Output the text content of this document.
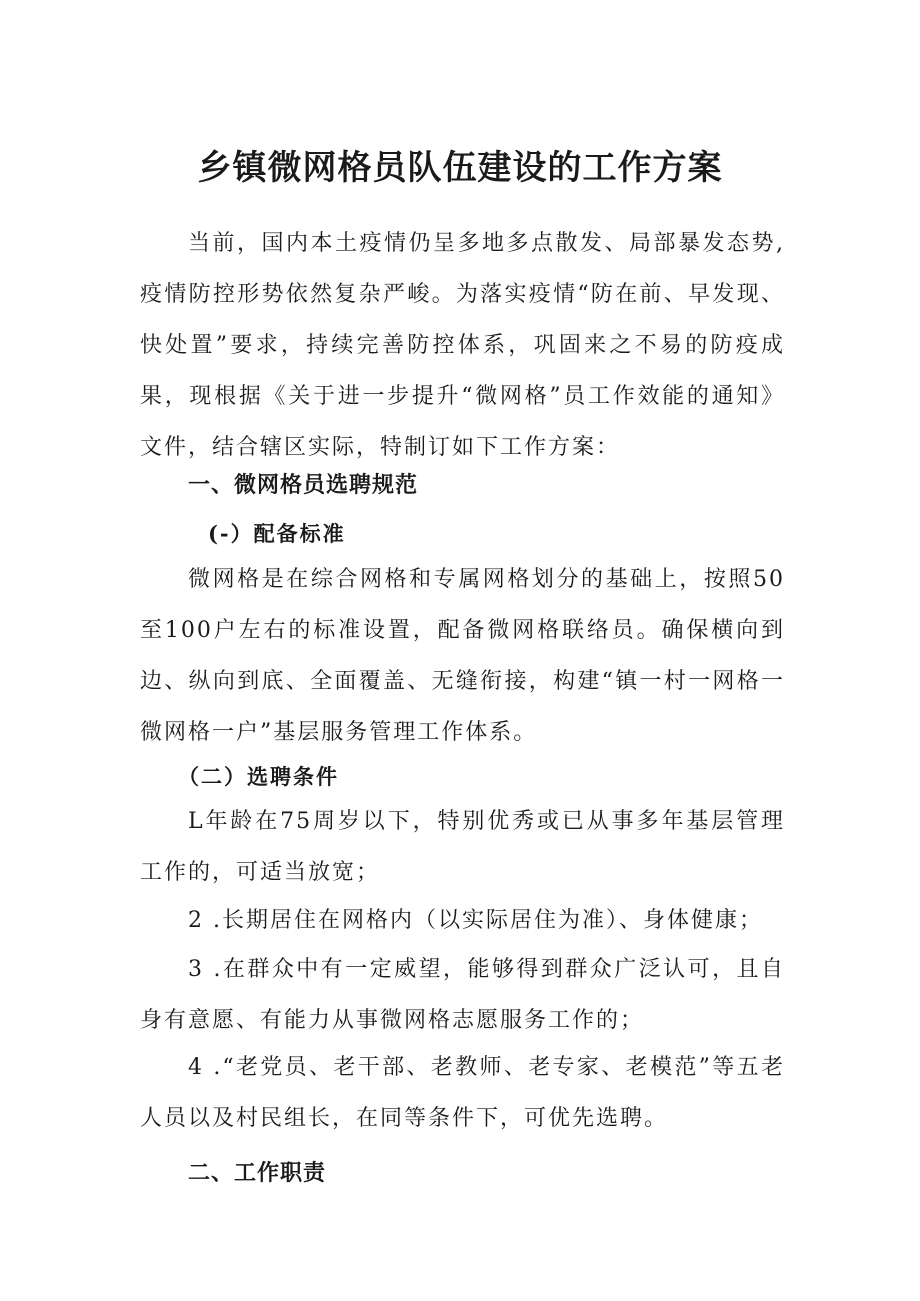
乡镇微网格员队伍建设的工作方案

当前，国内本土疫情仍呈多地多点散发、局部暴发态势,疫情防控形势依然复杂严峻。为落实疫情“防在前、早发现、快处置”要求，持续完善防控体系，巩固来之不易的防疫成果，现根据《关于进一步提升“微网格”员工作效能的通知》文件，结合辖区实际，特制订如下工作方案：

一、微网格员选聘规范
(-）配备标准

微网格是在综合网格和专属网格划分的基础上，按照50至100户左右的标准设置，配备微网格联络员。确保横向到边、纵向到底、全面覆盖、无缝衔接，构建“镇一村一网格一微网格一户”基层服务管理工作体系。

（二）选聘条件

L年龄在75周岁以下，特别优秀或已从事多年基层管理工作的，可适当放宽；

2 .长期居住在网格内（以实际居住为准）、身体健康；

3 .在群众中有一定威望，能够得到群众广泛认可，且自身有意愿、有能力从事微网格志愿服务工作的；

4 .“老党员、老干部、老教师、老专家、老模范”等五老人员以及村民组长，在同等条件下，可优先选聘。

二、工作职责
